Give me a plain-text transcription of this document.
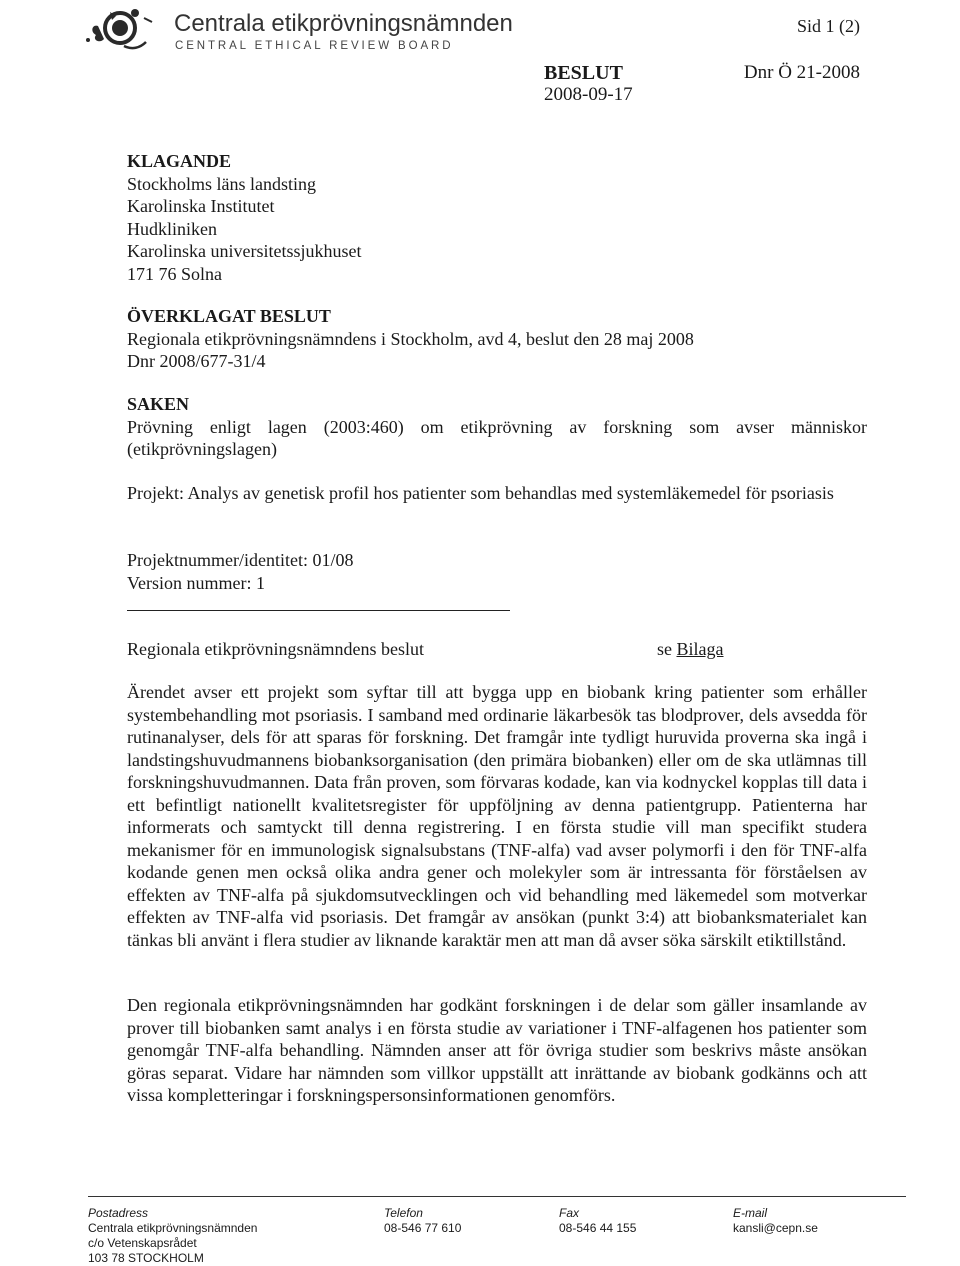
Centrala etikprövningsnämnden
CENTRAL ETHICAL REVIEW BOARD
Sid 1 (2)
BESLUT
2008-09-17
Dnr Ö 21-2008
KLAGANDE
Stockholms läns landsting
Karolinska Institutet
Hudkliniken
Karolinska universitetssjukhuset
171 76 Solna
ÖVERKLAGAT BESLUT
Regionala etikprövningsnämndens i Stockholm, avd 4, beslut den 28 maj 2008
Dnr 2008/677-31/4
SAKEN
Prövning enligt lagen (2003:460) om etikprövning av forskning som avser människor (etikprövningslagen)
Projekt: Analys av genetisk profil hos patienter som behandlas med systemläkemedel för psoriasis
Projektnummer/identitet: 01/08
Version nummer: 1
Regionala etikprövningsnämndens beslut	se Bilaga
Ärendet avser ett projekt som syftar till att bygga upp en biobank kring patienter som erhåller systembehandling mot psoriasis. I samband med ordinarie läkarbesök tas blodprover, dels avsedda för rutinanalyser, dels för att sparas för forskning. Det framgår inte tydligt huruvida proverna ska ingå i landstingshuvudmannens biobanksorganisation (den primära biobanken) eller om de ska utlämnas till forskningshuvudmannen. Data från proven, som förvaras kodade, kan via kodnyckel kopplas till data i ett befintligt nationellt kvalitetsregister för uppföljning av denna patientgrupp. Patienterna har informerats och samtyckt till denna registrering. I en första studie vill man specifikt studera mekanismer för en immunologisk signalsubstans (TNF-alfa) vad avser polymorfi i den för TNF-alfa kodande genen men också olika andra gener och molekyler som är intressanta för förståelsen av effekten av TNF-alfa på sjukdomsutvecklingen och vid behandling med läkemedel som motverkar effekten av TNF-alfa vid psoriasis. Det framgår av ansökan (punkt 3:4) att biobanksmaterialet kan tänkas bli använt i flera studier av liknande karaktär men att man då avser söka särskilt etiktillstånd.
Den regionala etikprövningsnämnden har godkänt forskningen i de delar som gäller insamlande av prover till biobanken samt analys i en första studie av variationer i TNF-alfagenen hos patienter som genomgår TNF-alfa behandling. Nämnden anser att för övriga studier som beskrivs måste ansökan göras separat. Vidare har nämnden som villkor uppställt att inrättande av biobank godkänns och att vissa kompletteringar i forskningspersonsinformationen genomförs.
Postadress
Centrala etikprövningsnämnden
c/o Vetenskapsrådet
103 78 STOCKHOLM
Telefon
08-546 77 610
Fax
08-546 44 155
E-mail
kansli@cepn.se
